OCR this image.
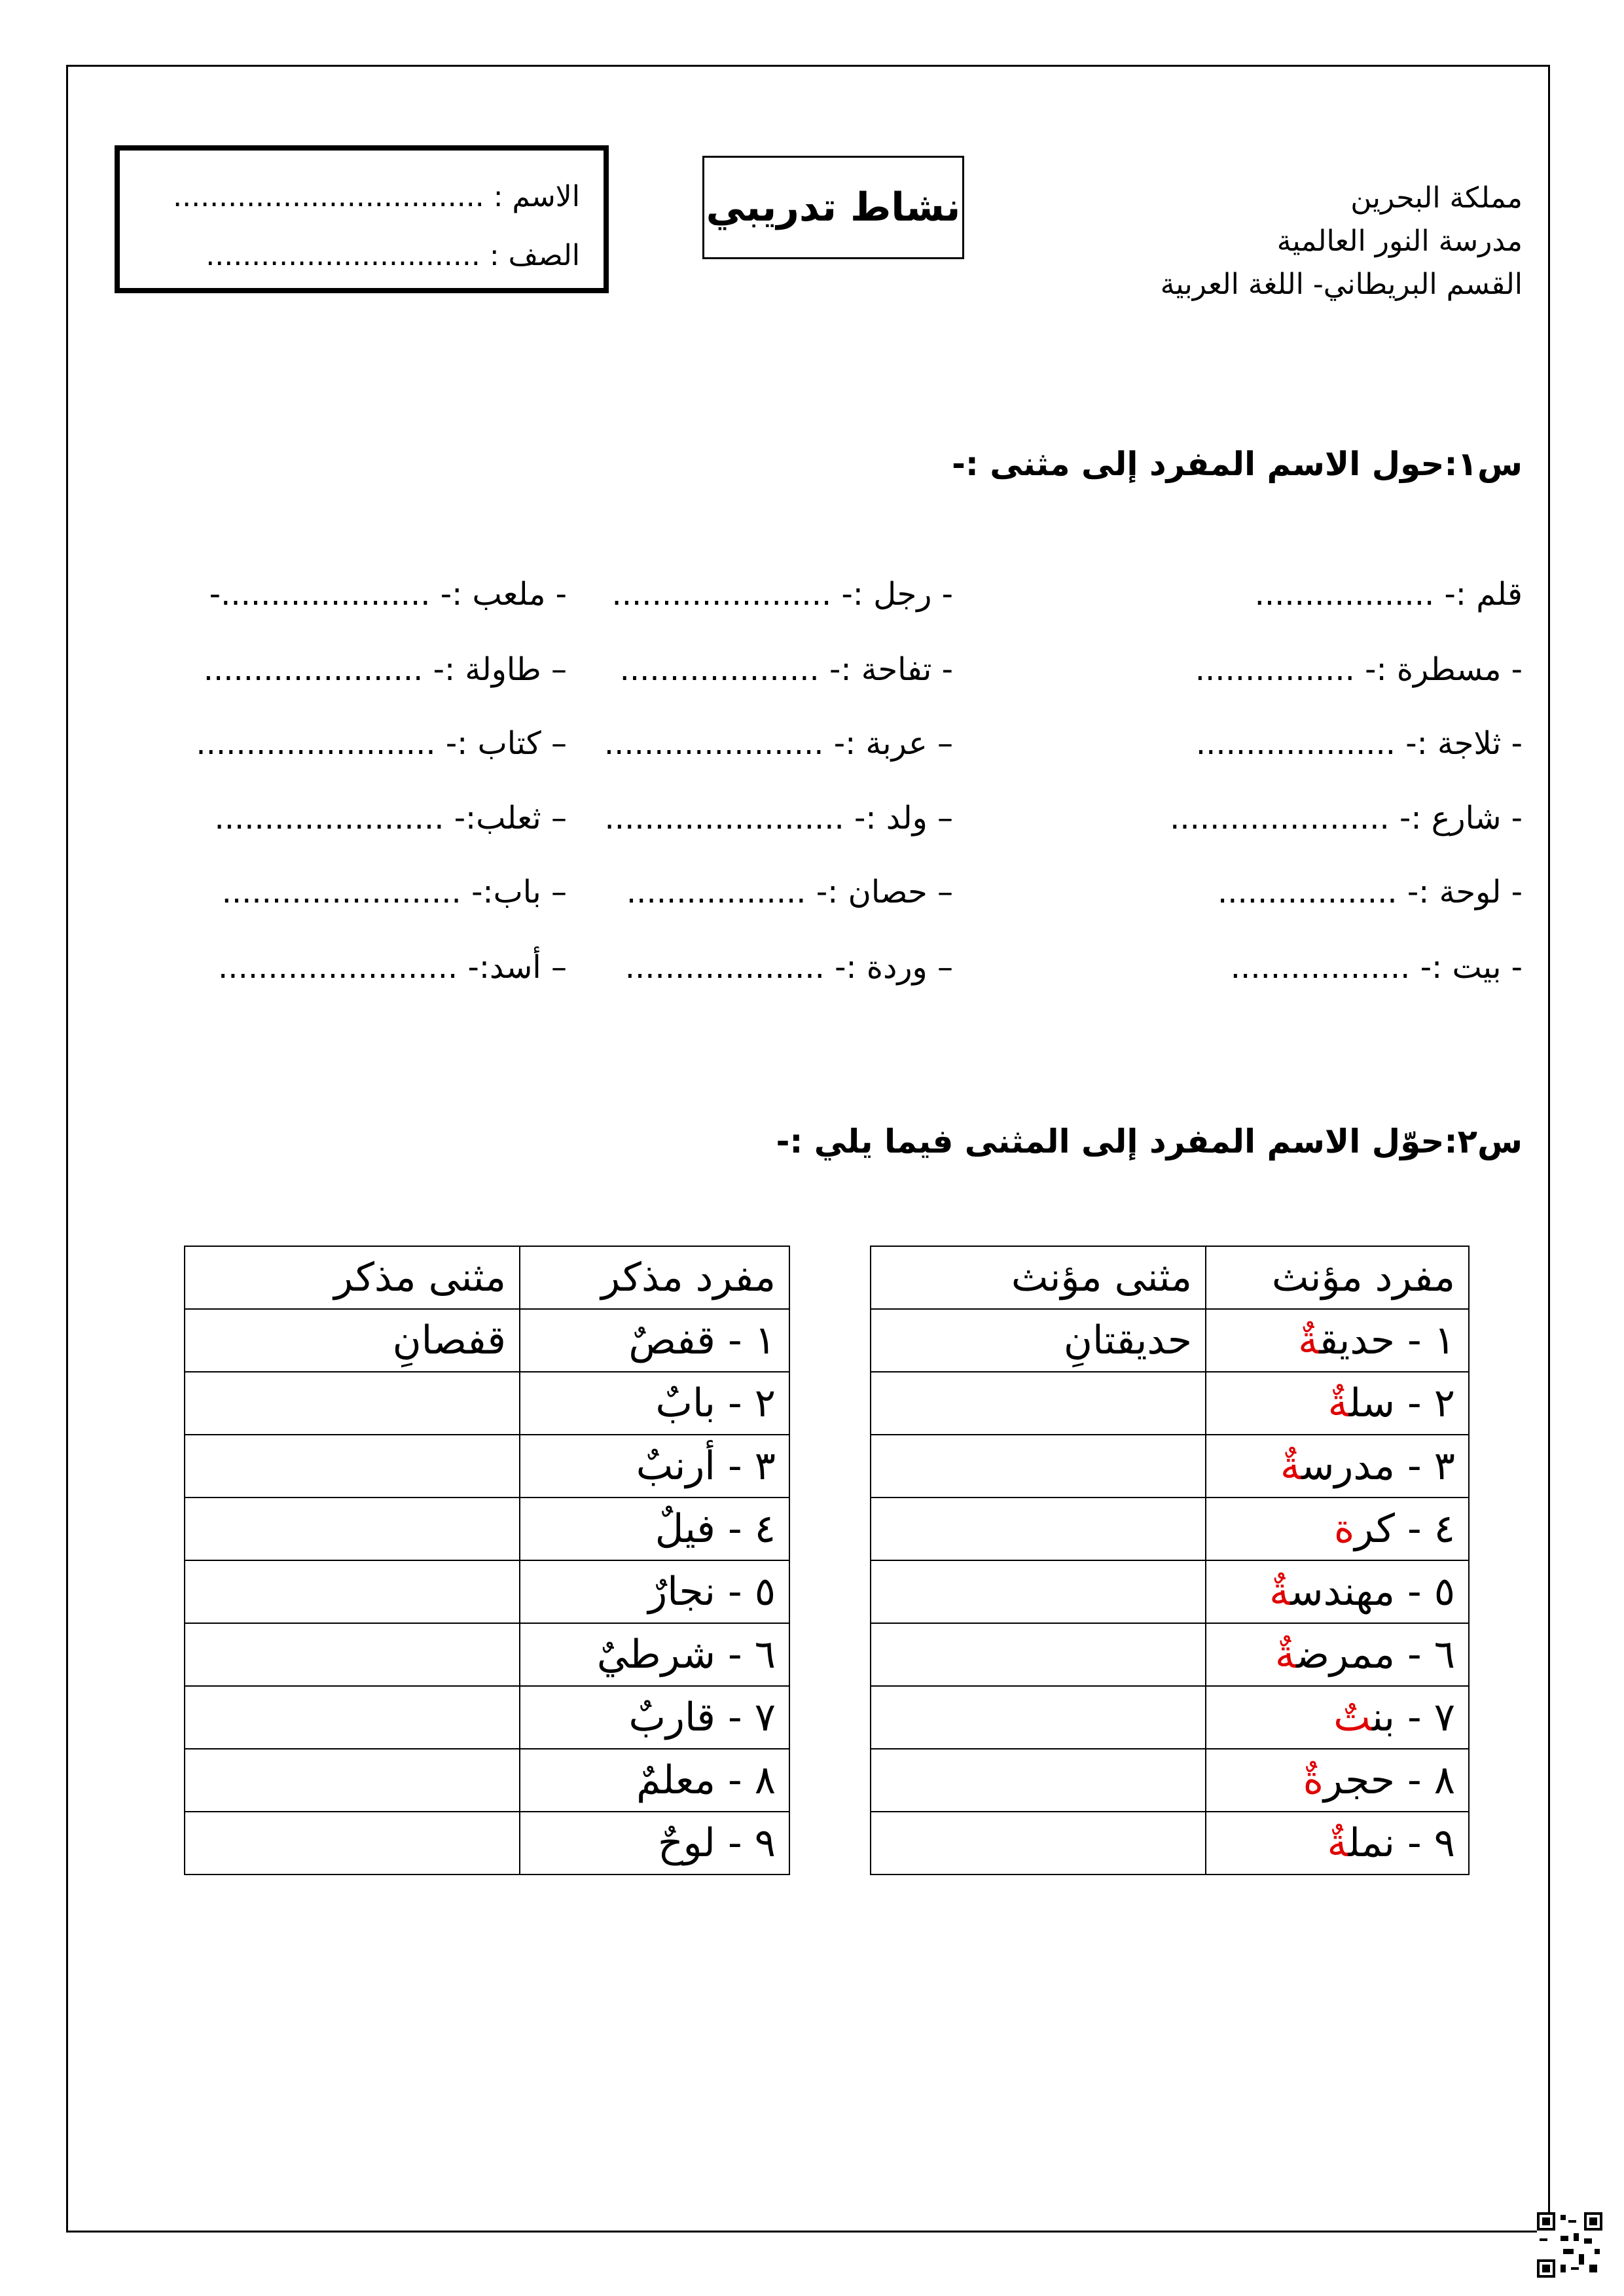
مملكة البحرين
مدرسة النور العالمية
القسم البريطاني- اللغة العربية
نشاط تدريبي
الاسم : ..................................
الصف : ..............................
س١:حول الاسم المفرد إلى مثنى :-
قلم :- ..................
- رجل :- ......................
- ملعب :- .....................-
- مسطرة :- ................
- تفاحة :- ....................
– طاولة :- ......................
- ثلاجة :- ....................
– عربة :- ......................
– كتاب :- ........................
- شارع :- ......................
– ولد :- ........................
– ثعلب:- .......................
- لوحة :- ..................
– حصان :- ..................
– باب:- ........................
- بيت :- ..................
– وردة :- ....................
– أسد:- ........................
س٢:حوّل الاسم المفرد إلى المثنى فيما يلي :-
مفرد مؤنث	مثنى مؤنث
١ - حديقةٌ	حديقتانِ
٢ - سلةٌ	
٣ - مدرسةٌ	
٤ - كرة	
٥ - مهندسةٌ	
٦ - ممرضةٌ	
٧ - بنتٌ	
٨ - حجرةٌ	
٩ - نملةٌ	
مفرد مذكر	مثنى مذكر
١ - قفصٌ	قفصانِ
٢ - بابٌ	
٣ - أرنبٌ	
٤ - فيلٌ	
٥ - نجارٌ	
٦ - شرطيٌ	
٧ - قاربٌ	
٨ - معلمٌ	
٩ - لوحٌ	
